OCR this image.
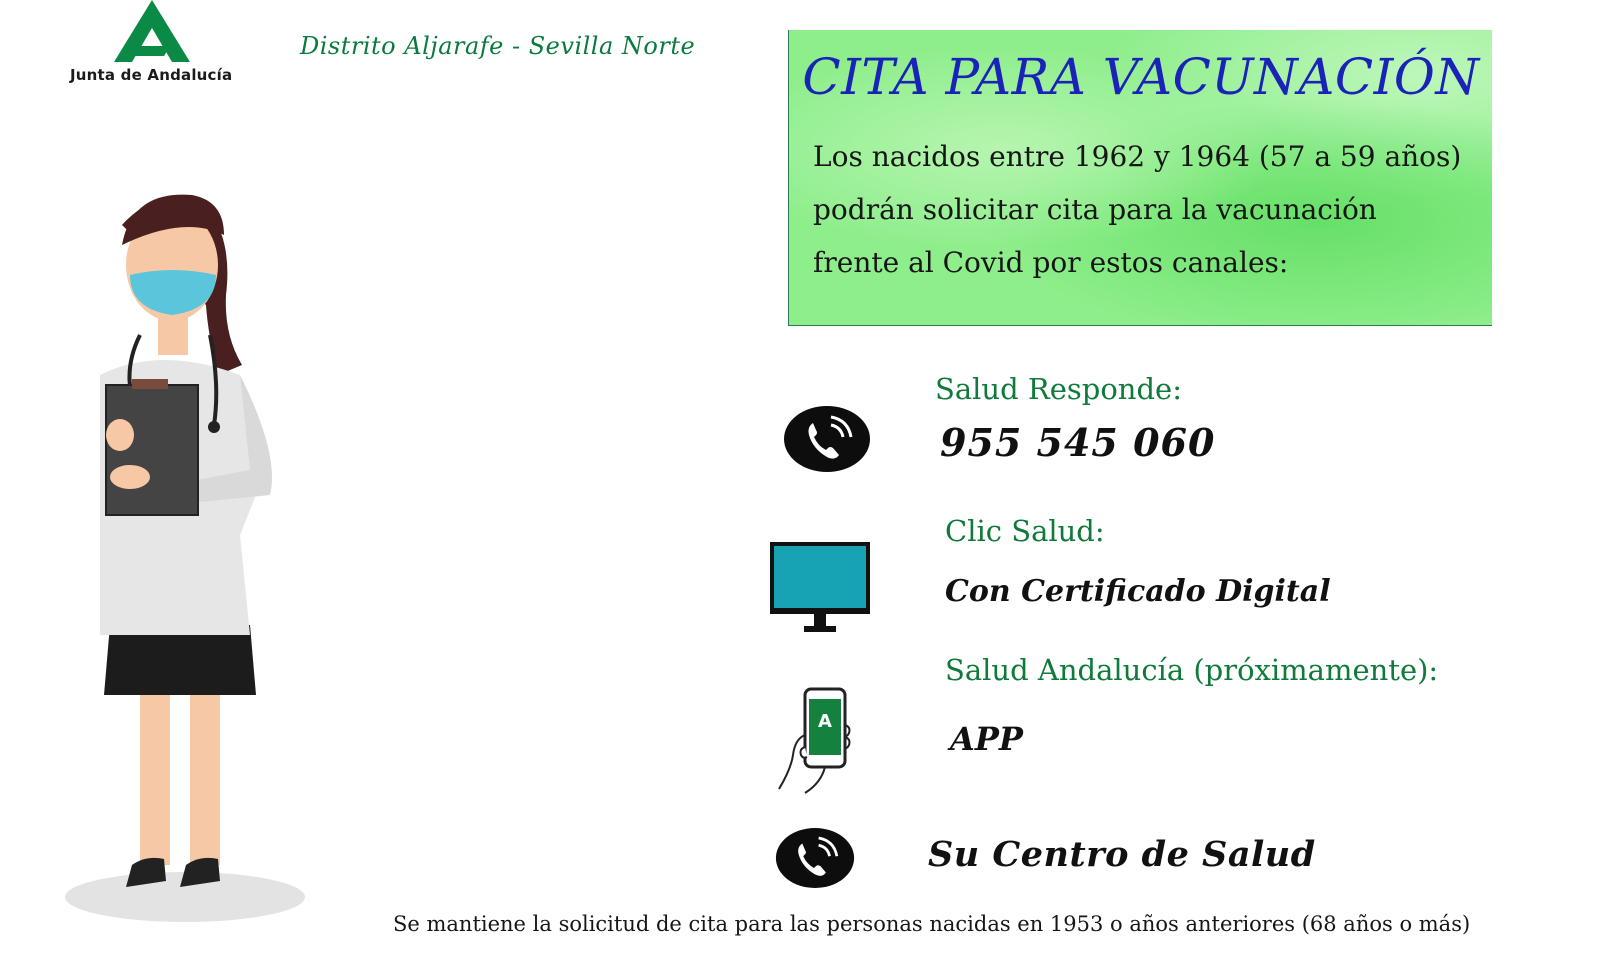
Junta de Andalucía
Distrito Aljarafe - Sevilla Norte
CITA PARA VACUNACIÓN
Los nacidos entre 1962 y 1964 (57 a 59 años)
podrán solicitar cita para la vacunación
frente al Covid por estos canales:
Salud Responde:
955 545 060
Clic Salud:
Con Certificado Digital
A
Salud Andalucía (próximamente):
APP
Su Centro de Salud
Se mantiene la solicitud de cita para las personas nacidas en 1953 o años anteriores (68 años o más)
